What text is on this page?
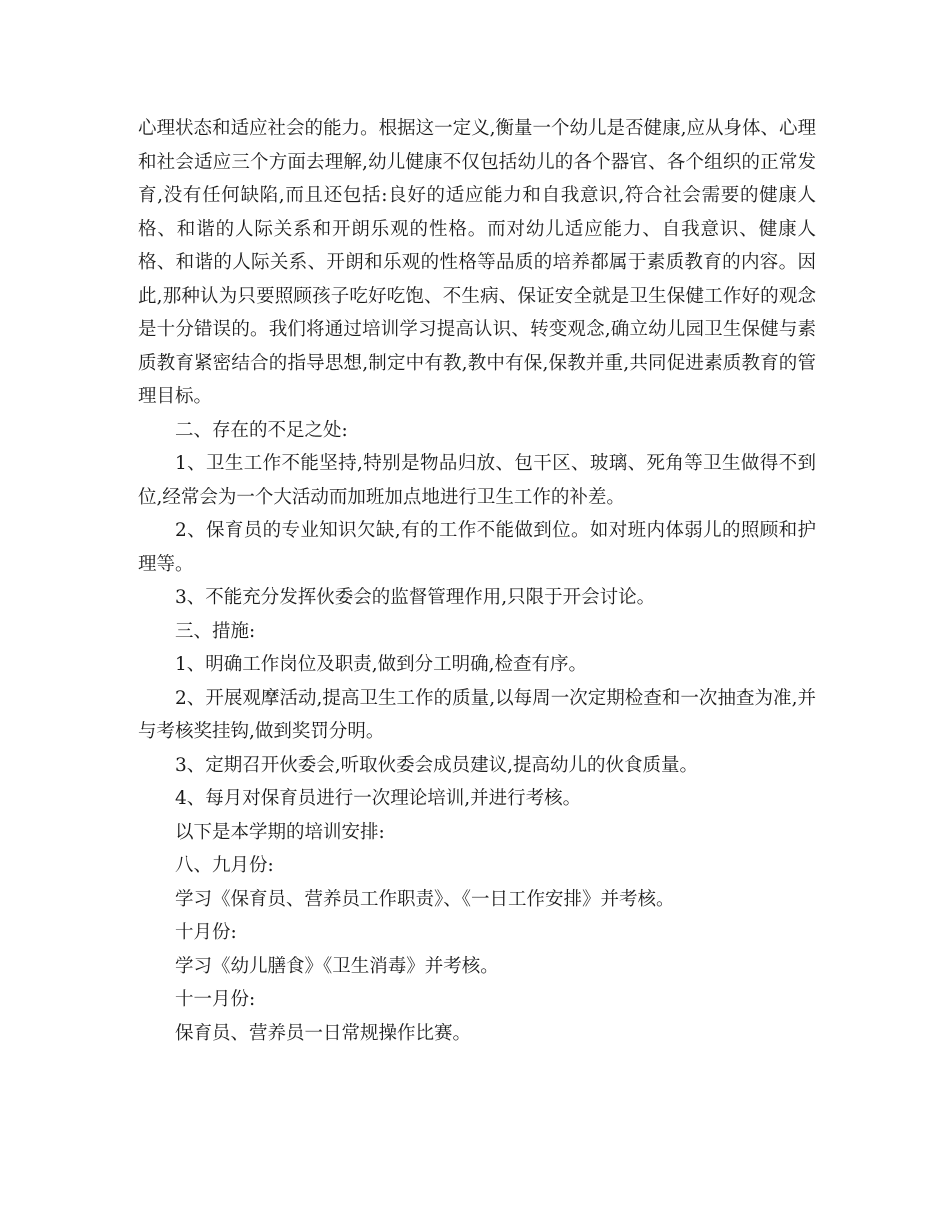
心理状态和适应社会的能力。根据这一定义,衡量一个幼儿是否健康,应从身体、心理和社会适应三个方面去理解,幼儿健康不仅包括幼儿的各个器官、各个组织的正常发育,没有任何缺陷,而且还包括:良好的适应能力和自我意识,符合社会需要的健康人格、和谐的人际关系和开朗乐观的性格。而对幼儿适应能力、自我意识、健康人格、和谐的人际关系、开朗和乐观的性格等品质的培养都属于素质教育的内容。因此,那种认为只要照顾孩子吃好吃饱、不生病、保证安全就是卫生保健工作好的观念是十分错误的。我们将通过培训学习提高认识、转变观念,确立幼儿园卫生保健与素质教育紧密结合的指导思想,制定中有教,教中有保,保教并重,共同促进素质教育的管理目标。

二、存在的不足之处:

1、卫生工作不能坚持,特别是物品归放、包干区、玻璃、死角等卫生做得不到位,经常会为一个大活动而加班加点地进行卫生工作的补差。

2、保育员的专业知识欠缺,有的工作不能做到位。如对班内体弱儿的照顾和护理等。

3、不能充分发挥伙委会的监督管理作用,只限于开会讨论。

三、措施:

1、明确工作岗位及职责,做到分工明确,检查有序。

2、开展观摩活动,提高卫生工作的质量,以每周一次定期检查和一次抽查为准,并与考核奖挂钩,做到奖罚分明。

3、定期召开伙委会,听取伙委会成员建议,提高幼儿的伙食质量。

4、每月对保育员进行一次理论培训,并进行考核。

以下是本学期的培训安排:

八、九月份:

学习《保育员、营养员工作职责》、《一日工作安排》并考核。

十月份:

学习《幼儿膳食》《卫生消毒》并考核。

十一月份:

保育员、营养员一日常规操作比赛。
